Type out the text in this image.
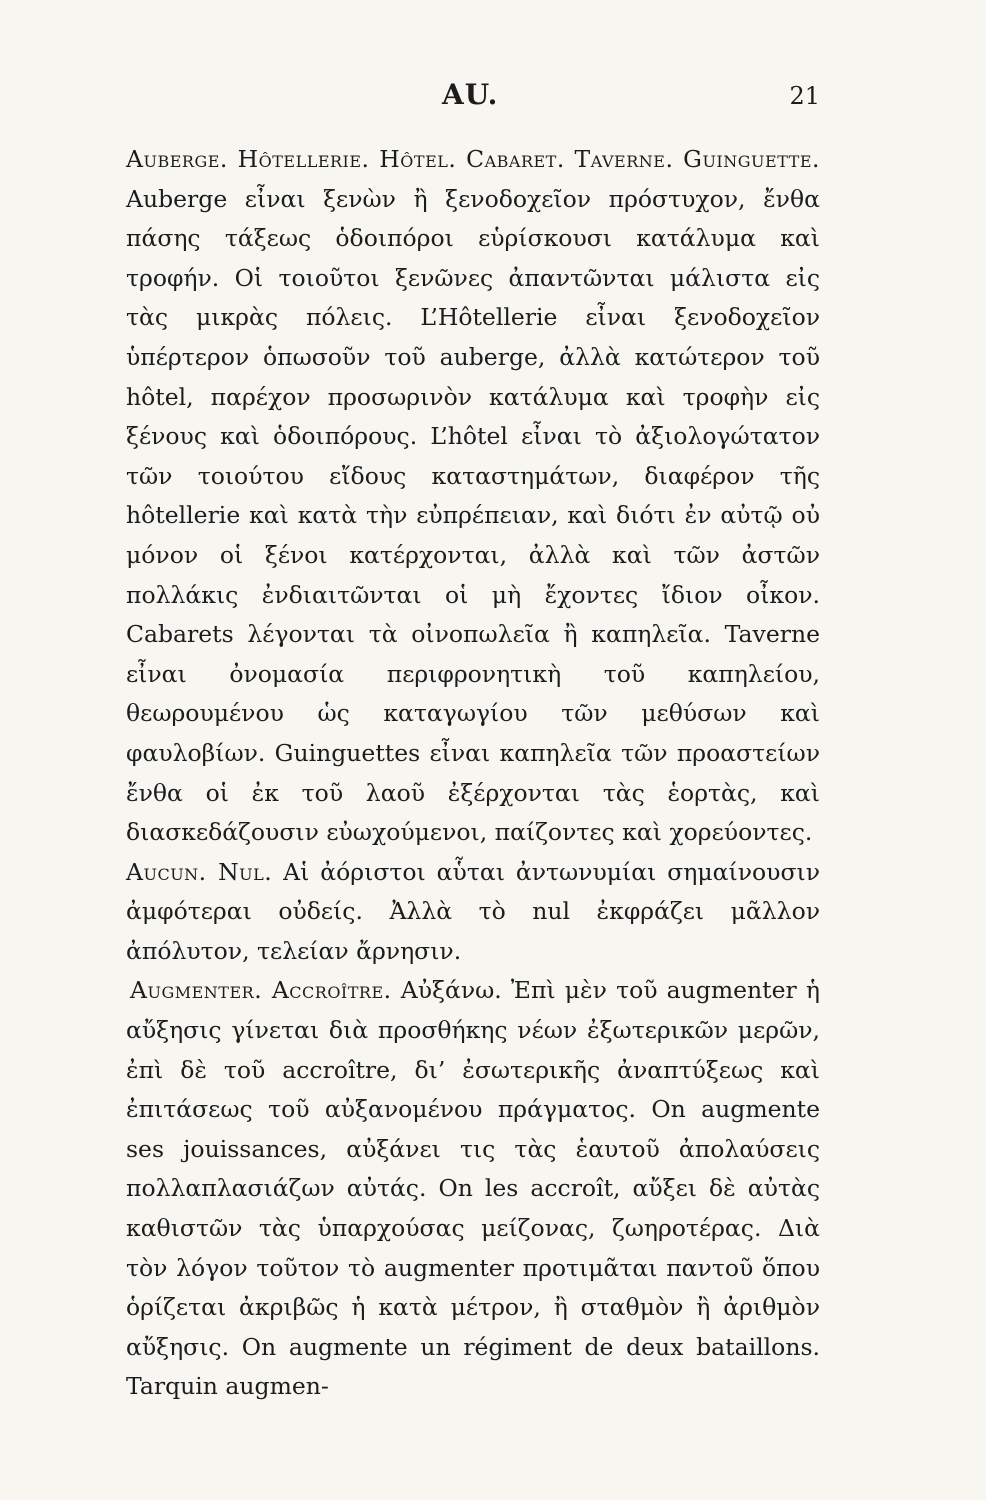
AU.	21

Auberge. Hôtellerie. Hôtel. Cabaret. Taverne. Guinguette. Auberge εἶναι ξενὼν ἢ ξενοδοχεῖον πρόστυχον, ἔνθα πάσης τάξεως ὁδοιπόροι εὑρίσκουσι κατάλυμα καὶ τροφήν. Οἱ τοιοῦτοι ξενῶνες ἀπαντῶνται μάλιστα εἰς τὰς μικρὰς πόλεις. L’Hôtellerie εἶναι ξενοδοχεῖον ὑπέρτερον ὁπωσοῦν τοῦ auberge, ἀλλὰ κατώτερον τοῦ hôtel, παρέχον προσωρινὸν κατάλυμα καὶ τροφὴν εἰς ξένους καὶ ὁδοιπόρους. L’hôtel εἶναι τὸ ἀξιολογώτατον τῶν τοιούτου εἴδους καταστημάτων, διαφέρον τῆς hôtellerie καὶ κατὰ τὴν εὐπρέπειαν, καὶ διότι ἐν αὐτῷ οὐ μόνον οἱ ξένοι κατέρχονται, ἀλλὰ καὶ τῶν ἀστῶν πολλάκις ἐνδιαιτῶνται οἱ μὴ ἔχοντες ἴδιον οἶκον. Cabarets λέγονται τὰ οἰνοπωλεῖα ἢ καπηλεῖα. Taverne εἶναι ὀνομασία περιφρονητικὴ τοῦ καπηλείου, θεωρουμένου ὡς καταγωγίου τῶν μεθύσων καὶ φαυλοβίων. Guinguettes εἶναι καπηλεῖα τῶν προαστείων ἔνθα οἱ ἐκ τοῦ λαοῦ ἐξέρχονται τὰς ἑορτὰς, καὶ διασκεδάζουσιν εὐωχούμενοι, παίζοντες καὶ χορεύοντες.

Aucun. Nul. Αἱ ἀόριστοι αὗται ἀντωνυμίαι σημαίνουσιν ἀμφότεραι οὐδείς. Ἀλλὰ τὸ nul ἐκφράζει μᾶλλον ἀπόλυτον, τελείαν ἄρνησιν.

Augmenter. Accroître. Αὐξάνω. Ἐπὶ μὲν τοῦ augmenter ἡ αὔξησις γίνεται διὰ προσθήκης νέων ἐξωτερικῶν μερῶν, ἐπὶ δὲ τοῦ accroître, δι’ ἐσωτερικῆς ἀναπτύξεως καὶ ἐπιτάσεως τοῦ αὐξανομένου πράγματος. On augmente ses jouissances, αὐξάνει τις τὰς ἑαυτοῦ ἀπολαύσεις πολλαπλασιάζων αὐτάς. On les accroît, αὔξει δὲ αὐτὰς καθιστῶν τὰς ὑπαρχούσας μείζονας, ζωηροτέρας. Διὰ τὸν λόγον τοῦτον τὸ augmenter προτιμᾶται παντοῦ ὅπου ὁρίζεται ἀκριβῶς ἡ κατὰ μέτρον, ἢ σταθμὸν ἢ ἀριθμὸν αὔξησις. On augmente un régiment de deux bataillons. Tarquin augmen-
